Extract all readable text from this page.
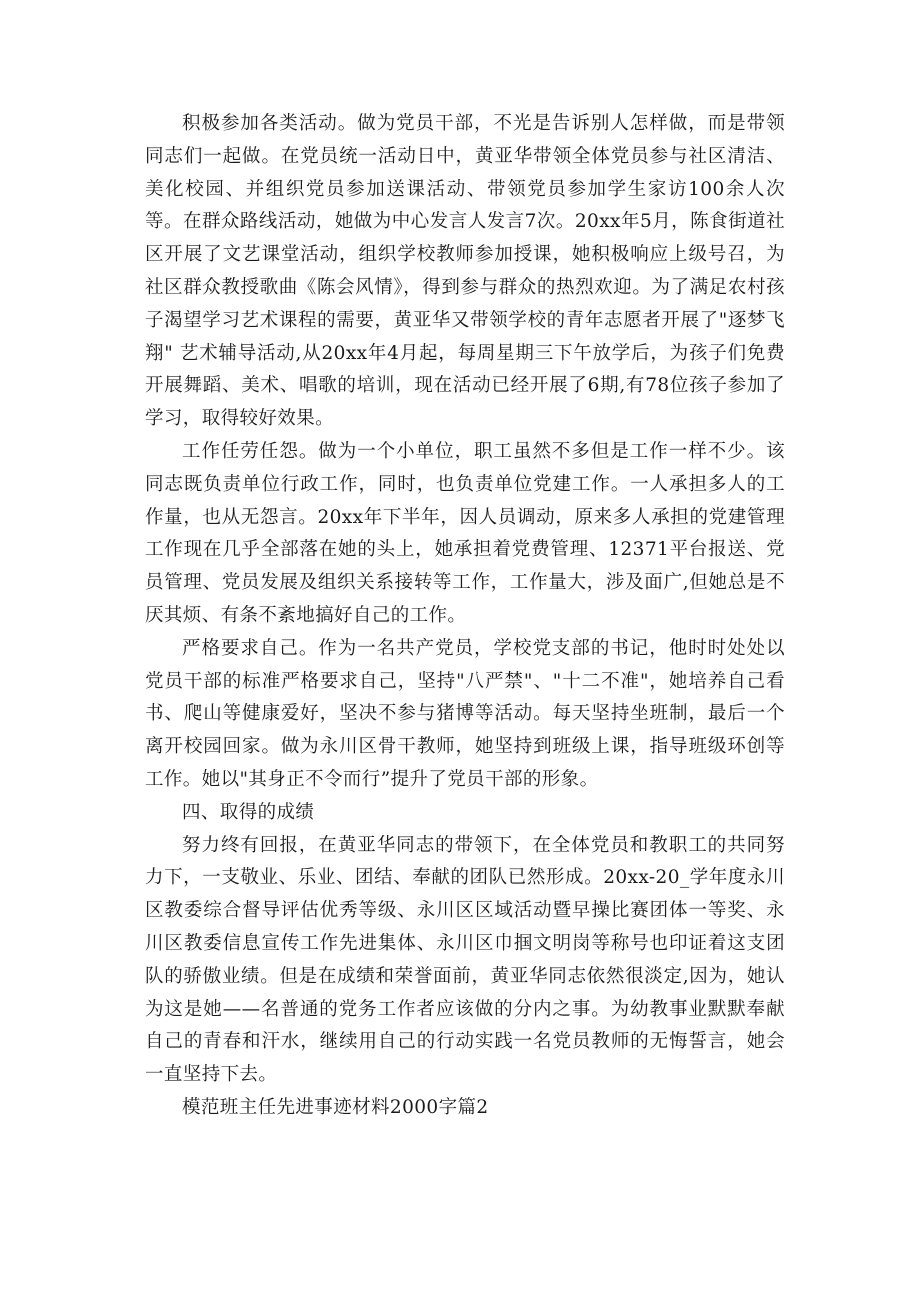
积极参加各类活动。做为党员干部，不光是告诉别人怎样做，而是带领同志们一起做。在党员统一活动日中，黄亚华带领全体党员参与社区清洁、美化校园、并组织党员参加送课活动、带领党员参加学生家访100余人次等。在群众路线活动，她做为中心发言人发言7次。20xx年5月，陈食街道社区开展了文艺课堂活动，组织学校教师参加授课，她积极响应上级号召，为社区群众教授歌曲《陈会风情》，得到参与群众的热烈欢迎。为了满足农村孩子渴望学习艺术课程的需要，黄亚华又带领学校的青年志愿者开展了"逐梦飞翔" 艺术辅导活动,从20xx年4月起，每周星期三下午放学后，为孩子们免费开展舞蹈、美术、唱歌的培训，现在活动已经开展了6期,有78位孩子参加了学习，取得较好效果。

工作任劳任怨。做为一个小单位，职工虽然不多但是工作一样不少。该同志既负责单位行政工作，同时，也负责单位党建工作。一人承担多人的工作量，也从无怨言。20xx年下半年，因人员调动，原来多人承担的党建管理工作现在几乎全部落在她的头上，她承担着党费管理、12371平台报送、党员管理、党员发展及组织关系接转等工作，工作量大，涉及面广,但她总是不厌其烦、有条不紊地搞好自己的工作。

严格要求自己。作为一名共产党员，学校党支部的书记，他时时处处以党员干部的标准严格要求自己，坚持"八严禁"、"十二不准"，她培养自己看书、爬山等健康爱好，坚决不参与猪博等活动。每天坚持坐班制，最后一个离开校园回家。做为永川区骨干教师，她坚持到班级上课，指导班级环创等工作。她以"其身正不令而行”提升了党员干部的形象。

四、取得的成绩

努力终有回报，在黄亚华同志的带领下，在全体党员和教职工的共同努力下，一支敬业、乐业、团结、奉献的团队已然形成。20xx-20_学年度永川区教委综合督导评估优秀等级、永川区区域活动暨早操比赛团体一等奖、永川区教委信息宣传工作先进集体、永川区巾掴文明岗等称号也印证着这支团队的骄傲业绩。但是在成绩和荣誉面前，黄亚华同志依然很淡定,因为，她认为这是她——名普通的党务工作者应该做的分内之事。为幼教事业默默奉献自己的青春和汗水，继续用自己的行动实践一名党员教师的无悔誓言，她会一直坚持下去。

模范班主任先进事迹材料2000字篇2
